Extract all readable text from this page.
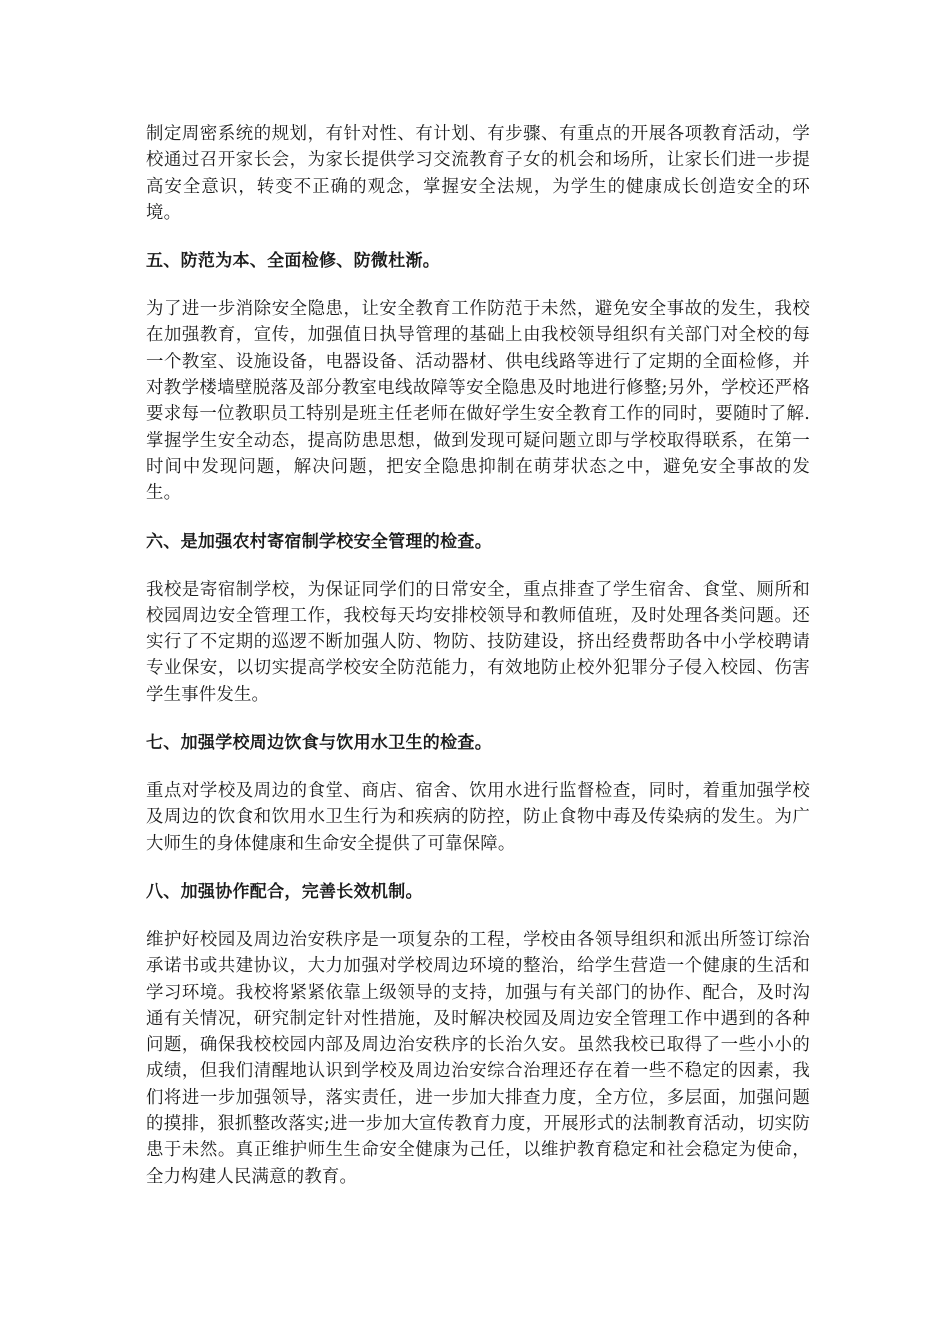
制定周密系统的规划，有针对性、有计划、有步骤、有重点的开展各项教育活动，学校通过召开家长会，为家长提供学习交流教育子女的机会和场所，让家长们进一步提高安全意识，转变不正确的观念，掌握安全法规，为学生的健康成长创造安全的环境。

五、防范为本、全面检修、防微杜渐。

为了进一步消除安全隐患，让安全教育工作防范于未然，避免安全事故的发生，我校在加强教育，宣传，加强值日执导管理的基础上由我校领导组织有关部门对全校的每一个教室、设施设备，电器设备、活动器材、供电线路等进行了定期的全面检修，并对教学楼墙壁脱落及部分教室电线故障等安全隐患及时地进行修整;另外，学校还严格要求每一位教职员工特别是班主任老师在做好学生安全教育工作的同时，要随时了解.掌握学生安全动态，提高防患思想，做到发现可疑问题立即与学校取得联系，在第一时间中发现问题，解决问题，把安全隐患抑制在萌芽状态之中，避免安全事故的发生。

六、是加强农村寄宿制学校安全管理的检查。

我校是寄宿制学校，为保证同学们的日常安全，重点排查了学生宿舍、食堂、厕所和校园周边安全管理工作，我校每天均安排校领导和教师值班，及时处理各类问题。还实行了不定期的巡逻不断加强人防、物防、技防建设，挤出经费帮助各中小学校聘请专业保安，以切实提高学校安全防范能力，有效地防止校外犯罪分子侵入校园、伤害学生事件发生。

七、加强学校周边饮食与饮用水卫生的检查。

重点对学校及周边的食堂、商店、宿舍、饮用水进行监督检查，同时，着重加强学校及周边的饮食和饮用水卫生行为和疾病的防控，防止食物中毒及传染病的发生。为广大师生的身体健康和生命安全提供了可靠保障。

八、加强协作配合，完善长效机制。

维护好校园及周边治安秩序是一项复杂的工程，学校由各领导组织和派出所签订综治承诺书或共建协议，大力加强对学校周边环境的整治，给学生营造一个健康的生活和学习环境。我校将紧紧依靠上级领导的支持，加强与有关部门的协作、配合，及时沟通有关情况，研究制定针对性措施，及时解决校园及周边安全管理工作中遇到的各种问题，确保我校校园内部及周边治安秩序的长治久安。虽然我校已取得了一些小小的成绩，但我们清醒地认识到学校及周边治安综合治理还存在着一些不稳定的因素，我们将进一步加强领导，落实责任，进一步加大排查力度，全方位，多层面，加强问题的摸排，狠抓整改落实;进一步加大宣传教育力度，开展形式的法制教育活动，切实防患于未然。真正维护师生生命安全健康为己任，以维护教育稳定和社会稳定为使命，全力构建人民满意的教育。
